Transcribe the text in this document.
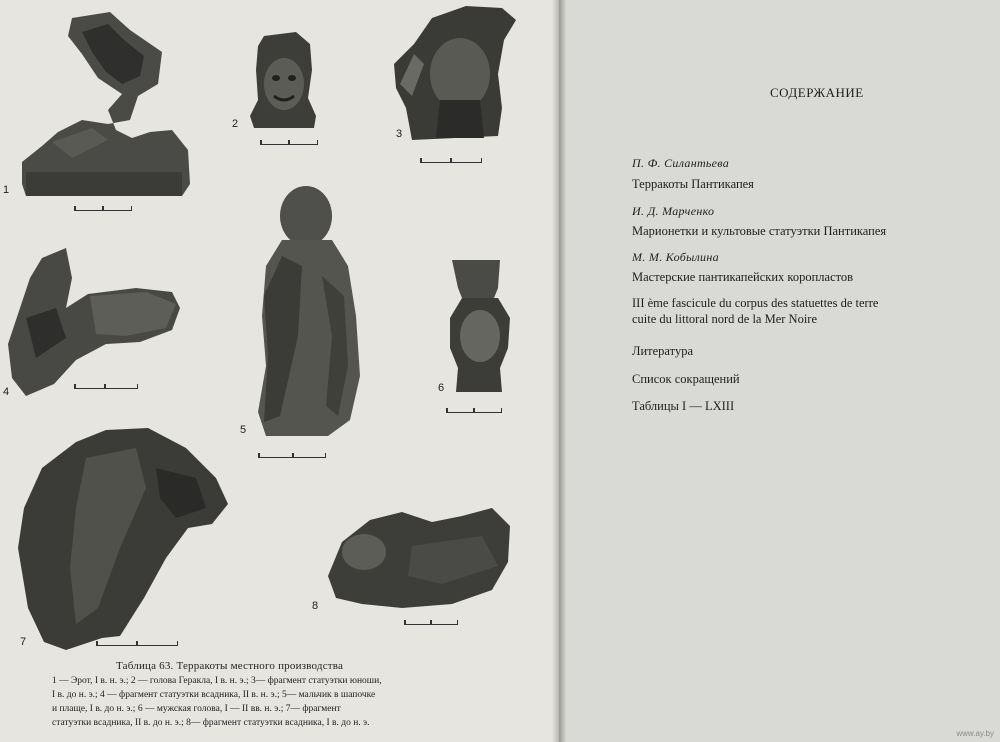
1
2
3
4
5
6
7
8
Таблица 63. Терракоты местного производства
1 — Эрот, I в. н. э.; 2 — голова Геракла, I в. н. э.; 3— фрагмент статуэтки юноши,
I в. до н. э.; 4 — фрагмент статуэтки всадника, II в. н. э.; 5— мальчик в шапочке
и плаще, I в. до н. э.; 6 — мужская голова, I — II вв. н. э.; 7— фрагмент
статуэтки всадника, II в. до н. э.; 8— фрагмент статуэтки всадника, I в. до н. э.
СОДЕРЖАНИЕ
П. Ф. Силантьева
Терракоты Пантикапея
И. Д. Марченко
Марионетки и культовые статуэтки Пантикапея
М. М. Кобылина
Мастерские пантикапейских коропластов
III ème fascicule du corpus des statuettes de terre
cuite du littoral nord de la Mer Noire
Литература
Список сокращений
Таблицы I — LXIII
www.ay.by
